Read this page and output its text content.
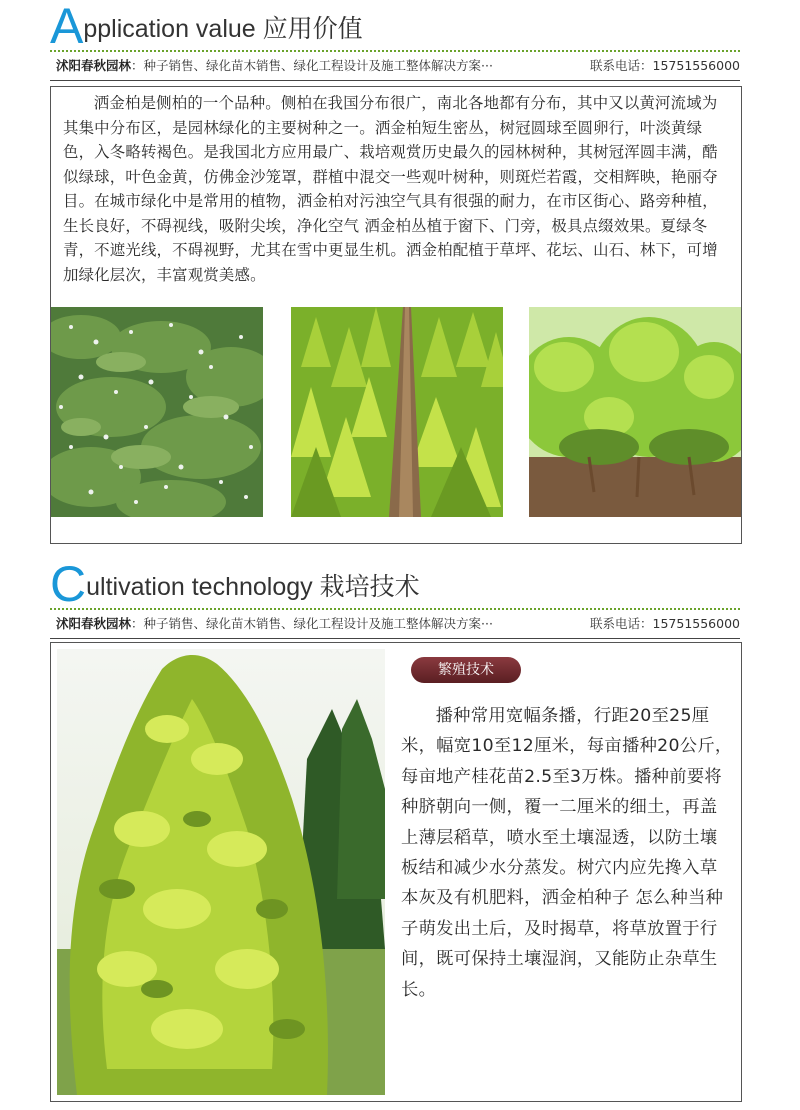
Application value 应用价值
沭阳春秋园林：种子销售、绿化苗木销售、绿化工程设计及施工整体解决方案···	联系电话：15751556000

洒金柏是侧柏的一个品种。侧柏在我国分布很广，南北各地都有分布，其中又以黄河流域为其集中分布区，是园林绿化的主要树种之一。洒金柏短生密丛，树冠圆球至圆卵行，叶淡黄绿色，入冬略转褐色。是我国北方应用最广、栽培观赏历史最久的园林树种，其树冠浑圆丰满，酷似绿球，叶色金黄，仿佛金沙笼罩，群植中混交一些观叶树种，则斑烂若霞，交相辉映，艳丽夺目。在城市绿化中是常用的植物，洒金柏对污浊空气具有很强的耐力，在市区街心、路旁种植，生长良好，不碍视线，吸附尖埃，净化空气 洒金柏丛植于窗下、门旁，极具点缀效果。夏绿冬青，不遮光线，不碍视野，尤其在雪中更显生机。洒金柏配植于草坪、花坛、山石、林下，可增加绿化层次，丰富观赏美感。

Cultivation technology 栽培技术
沭阳春秋园林：种子销售、绿化苗木销售、绿化工程设计及施工整体解决方案···	联系电话：15751556000
繁殖技术

播种常用宽幅条播，行距20至25厘米，幅宽10至12厘米，每亩播种20公斤，每亩地产桂花苗2.5至3万株。播种前要将种脐朝向一侧，覆一二厘米的细土，再盖上薄层稻草，喷水至土壤湿透，以防土壤板结和减少水分蒸发。树穴内应先搀入草本灰及有机肥料，洒金柏种子 怎么种当种子萌发出土后，及时揭草，将草放置于行间，既可保持土壤湿润，又能防止杂草生长。
